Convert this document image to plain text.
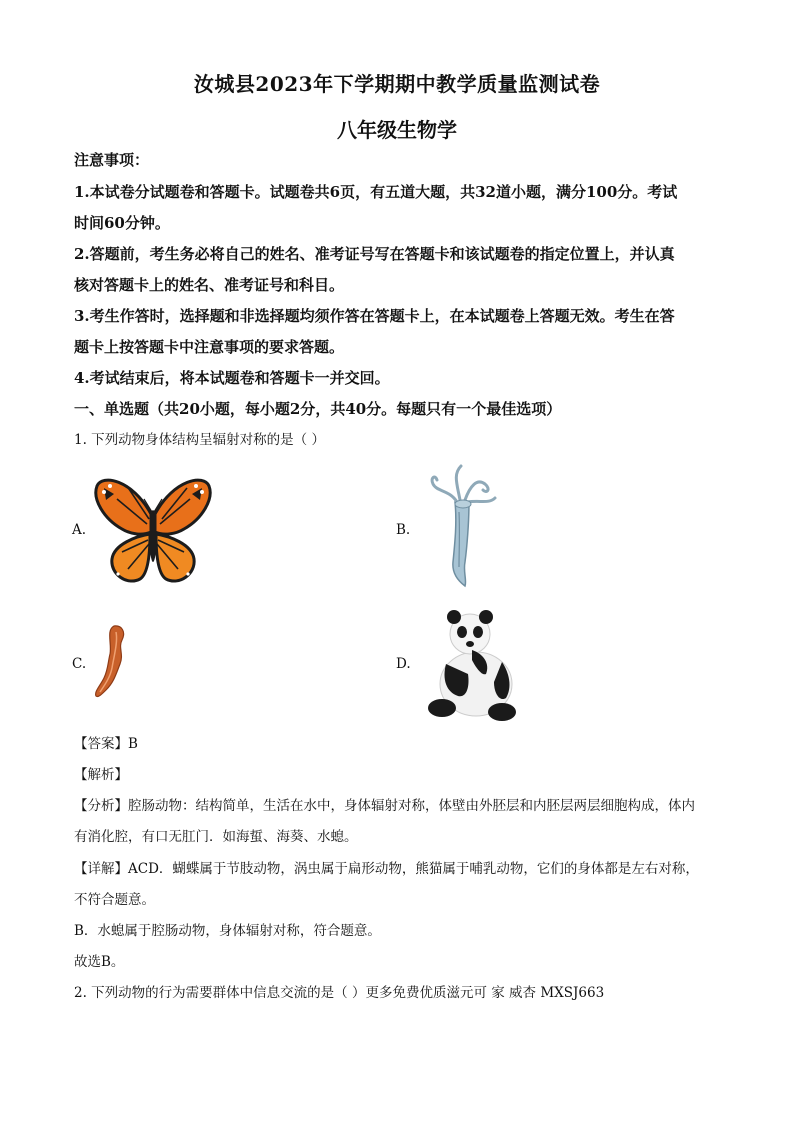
汝城县2023年下学期期中教学质量监测试卷
八年级生物学
注意事项：
1.本试卷分试题卷和答题卡。试题卷共6页，有五道大题，共32道小题，满分100分。考试
时间60分钟。
2.答题前，考生务必将自己的姓名、准考证号写在答题卡和该试题卷的指定位置上，并认真
核对答题卡上的姓名、准考证号和科目。
3.考生作答时，选择题和非选择题均须作答在答题卡上，在本试题卷上答题无效。考生在答
题卡上按答题卡中注意事项的要求答题。
4.考试结束后，将本试题卷和答题卡一并交回。
一、单选题（共20小题，每小题2分，共40分。每题只有一个最佳选项）
1. 下列动物身体结构呈辐射对称的是（ ）
A.	B.
C.	D.
【答案】B
【解析】
【分析】腔肠动物：结构简单，生活在水中，身体辐射对称，体壁由外胚层和内胚层两层细胞构成，体内
有消化腔，有口无肛门．如海蜇、海葵、水螅。
【详解】ACD．蝴蝶属于节肢动物，涡虫属于扁形动物，熊猫属于哺乳动物，它们的身体都是左右对称，
不符合题意。
B．水螅属于腔肠动物，身体辐射对称，符合题意。
故选B。
2. 下列动物的行为需要群体中信息交流的是（ ）更多免费优质滋元可 家 威杏 MXSJ663
